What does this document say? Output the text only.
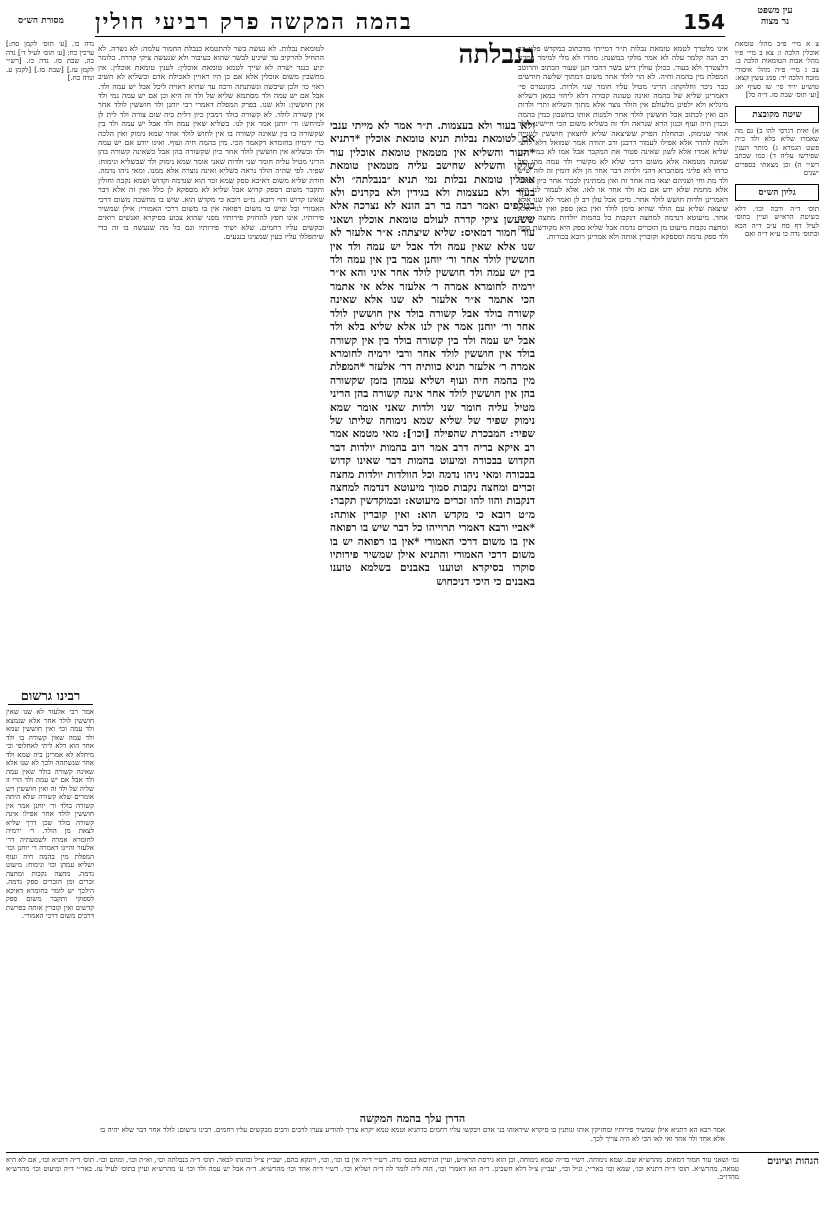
מסורת הש״ס
עין משפט
נר מצוה
154
בהמה המקשה פרק רביעי חולין
צ א מיי׳ פ״ב מהל׳ טומאת אוכלין הלכה ו: צא ב מיי׳ פ״ו מהל׳ אבות הטומאות הלכה ב: צב ג מיי׳ פ״ה מהל׳ איסורי מזבח הלכה יד: סמג עשין קצא: טוש״ע יו״ד סי׳ שו סעיף יא: [וע׳ תוס׳ שבת סז. ד״ה כל]
שיטה מקובצת
א) ואית דגרסי להו ב) גם מה שאמרו שליא בלא ולד כ״ה פשט הגמרא ג) מותר הענין שפירשו עליה ד) כמו שכתב רש״י ה) וכן מצאתי בספרים ישנים
גליון הש״ס
תוס׳ ד״ה ורבה וכו׳. דלא כשיטת הרא״ש ועיין בתוס׳ לעיל דף סח ע״ב ד״ה הכא ובתוס׳ נדה כו ע״א ד״ה ואם
נדה כו. [ע׳ תוס׳ לקמן סח:] ערכין כח: [ע׳ תוס׳ לעיל ד׳] נדה כה. שבת סז. נדה כז. [רש״י לקמן עז.] [שבת סז.] [לקמן ע. ונדה כח.]
רבינו גרשום
אמר רבי אלעזר לא שנו שאין חוששין לולד אחר אלא שנמצא ולד עמה וכו׳ ואין חוששין שמא ולד עמה שאין קשורה בו ולד אחר הוא דלא ליתי לאחלופי וכי מיתלא לא אמרינן ביה שמא ולד אחר שנשתהה ולכך לא שנו אלא שאינה קשורה בולד שאין עמה ולד אבל אם יש עמה ולד הרי זו שליה של ולד זה ואין חוששין ויש אומרים שלא קשורה שלא היתה קשורה בולד ור׳ יוחנן אמר אין חוששין לולד אחר אפילו אינה קשורה בולד שכן דרך שליא לצאת מן הולד. ר׳ ירמיה לחומרא אמרה לשמעתיה דר׳ אלעזר והיינו דאמרה ר׳ יוחנן וכו׳ המפלת מין בהמה חיה ועוף ושליא עמהן וכו׳ ונימוח: מיעוט נדמה. מחצה נקבות ומחצה זכרים ומן הזכרים ספק נדמה. הילכך יש לומר בחומרא דאיכא לספוקי ותקבר משום ספק קדשים ואין קוברין אותה בפרשת דרכים משום דרכי האמורי.
אינו מלטרך לטמא טומאת נבלות ת״ר דמייתי מדכתוב במקדש פלנו בר רב הנה קלמר עלה לא אמר מלקי במשנה: מהרו לא מלי למימר דמדני דלצטרך ולא בעור. בכולן עולין דיש בשר דהכי תנן שעור הכתוב והרוטב המפלת מין בהמה וחיה. לא הוי לולד אחר משום דמתוך שלשה חודשים כבר ניכר וחלוקתו: הריני מטיל עליו חומר שני ולדות. בקונטרס פי׳ דאמרינן שליא של בהמה ואינה טעונה קבורה דלא ליחזי כמאן דשליא מיגליא ולא ילפינן מלעולם אין הולד נוצר אלא מתוך השליא ותרי ולדות הם ואין לכתוב אבל חוששין לולד אחר ולמנות אותו בחשבון כמין בהמה וכמין חיה ועוף וכגון הרא שנראה ולד זה בשליא משום הכי חיישינן לולד אחר שנימוק. ובתחלת הפרק ששיצאה שליא לחצאין חוששין לשנייה ולמה להדר אלא אפילו לעמור דרבנן ורב יהודה אמר שמואל דלא לחצי שליא אמרו אלא לשון שאינה פטור את המקבר אבל אמו לא כמ״ד בת שמונה מטמאה אלא משום דרכי שלא לא מקשרי ולד עמה מהו ועל כרחו לא פליגי מסתברא דהני ולדות דבר אחר הן ולא דומין זה לזה שיש ולד מת וחי ושניהם יצאו בזה אחר זה ואין ממתינין לבכור אחר כיון שאינו אלא מחמת שלא ידע אם בא ולד אחר או לאו. אלא לעמור לנו הוא דאמרינן ולדות חושש לולד אחר. מיכן אכל עלן רב לן ואמר לא שנו אלא שיצאה שליא עם הולד שהיא סימן לולד ואין כאן ספק ואין לנו אלא אחד. מיעוטא דנדמה למחצה דנקבות כל בהמות יולדות מחצה זכרים ומחצה נקבות מיעוט מן הזכרים נדמה אבל שליא ספק היא מקודשת ספק ולד ספק נדמה ומספקא וקוברין אותה ולא אמרינן רובא בכורות.
לטומאת נבלות. לא נעשה בשר להתטמא כנבלת החמור עלמה: לא נשרה. לא התחיל להרקיב עד שיגיע לבשר שהוא כעיבור ולא שנעשה ציקי קדרה. כלומר יגיע כנגד ישרה לא שייך לטמא טומאת אוכלין: לענין טומאת אוכלין. אין מחשבין משום אוכלין אלא אם כן היו ראויין לאכילת אדם ובשליא לא חשיב ראוי כו׳ ולכן שיבשה ונשתנתה ורכה עד שהיא ראויה ליכל אבל יש עמה ולד. אבל אם יש עמה ולד מסתמא שליא של ולד זה היא וכן אם יש עמה נמי ולד אין חוששין: ולא שנו. בפרק המפלת דאמרי רבי יוחנן ולד חוששין לולד אחר אין קשורה לולד. לא קשורה בולד דמבין כיון דלית ביה שום צורה ולד לית לן למיחש: ור׳ יוחנן אמר אין לנו. בשליא שאין עמה ולד אבל יש עמה ולד בין שקשורה בו בין שאינה קשורה בו אין לחוש לולד אחר שמא נימוק ואין הלכה כר׳ ירמיה בחומרא דקאמר הכי. מין בהמה חיה ועוף. ואינו יודע אם יש עמה ולד ובשליא אין חוששין לולד אחר כיון שקשורה בהן אבל כשאינה קשורה בהן הריני מטיל עליה חומר שני ולדות שאני אומר שמא נימוק ולד שבשליא ונימוח: שפיר. לפי שהיה הולד נראה כשליא ואינה נוצרה אלא ממנו. ומאי ניהו נדמה. חורת שליא משום דאיכא ספק שמא זכר הוא שנדמה וקדוש ושמא נקבה וחולין ותקבר משום דספק קדוש אבל שליא לא מספקא לן כלל ואין זה אלא דבר שאינו קדוש והוי רובא. מ״ט רובא כי מקדש הוא. שיש בו מחשבה משום דרכי האמורי וכל שיש בו משום רפואה אין בו משום דרכי האמורי: אילן שמשיר פירותיו. אינו חפץ להחזיק פירותיו מפני שהוא צבוע בסיקרא ואנשים רואים ובקשים עליו רחמים. שלא ישיר פירותיו וגם כל מה שנעשה בו זה כדי שיתפללו עליו כעין שמצינו בנגעים.
בנבלתה
ולא בעור ולא בעצמות. ת״ר אמר לא מייתי ענבי אם לטומאת נבלות תניא טומאת אוכלין *דתניא *העור והשליא אין מטמאין טומאת אוכלין עור שלקו והשליא שחישב עליה מטמאין טומאת אוכלין טומאת נבלות נמי תניא ״בנבלתה״ ולא בעור ולא בעצמות ולא בגידין ולא בקרנים ולא בטלפים ואמר רבה בר רב הונא לא נצרכה אלא ששעשן ציקי קדרה לעולם טומאת אוכלין ושאני עור חמור דמאיס: שליא שיצתה: א״ר אלעזר לא שנו אלא שאין עמה ולד אבל יש עמה ולד אין חוששין לולד אחר ור׳ יוחנן אמר בין אין עמה ולד בין יש עמה ולד חוששין לולד אחר איני והא א״ר ירמיה לחומרא אמרה ר׳ אלעזר אלא אי אתמר הכי אתמר א״ר אלעזר לא שנו אלא שאינה קשורה בולד אבל קשורה בולד אין חוששין לולד אחר ור׳ יוחנן אמר אין לנו אלא שליא בלא ולד אבל יש עמה ולד בין קשורה בולד בין אין קשורה בולד אין חוששין לולד אחר ורבי ירמיה לחומרא אמרה ר׳ אלעזר תניא כוותיה דר׳ אלעזר *המפלת מין בהמה חיה ועוף ושליא עמהן בזמן שקשורה בהן אין חוששין לולד אחר אינה קשורה בהן הריני מטיל עליה חומר שני ולדות שאני אומר שמא נימוק שפיר של שליא שמא נימוחה שליתו של שפיר: המבכרת שהפילה [וכו׳]: מאי מטמא אמר רב איקא בריה דרב אמר רוב בהמות יולדות דבר הקדוש בבכורה ומיעוט בהמות דבר שאינו קדוש בבכורה ומאי ניהו נדמה וכל הוולדות יולדות מחצה זכרים ומחצה נקבות סמוך מיעוטא דנדמה למחצה דנקבות והוו להו זכרים מיעוטא: ובמוקדשין תקבר: מ״ט רובא כי מקדש הוא: ואין קוברין אותה: *אביי ורבא דאמרי תרוייהו כל דבר שיש בו רפואה אין בו משום דרכי האמורי *אין בו רפואה יש בו משום דרכי האמורי והתניא אילן שמשיר פירותיו סוקרו בסיקרא וטוענו באבנים בשלמא טוענו באבנים כי היכי דניכחוש
הדרן עלך בהמה המקשה
אמר רבא הא דתניא אילן שמשיר פירותיו ומחזיקין אותו ונותנין בו סיקרא שיראוהו בני אדם ויבקשו עליו רחמים כדתניא וטמא טמא יקרא צריך להודיע צערו לרבים ורבים מבקשים עליו רחמים. רבינו גרשום: לולד אחר דבר שלא יהיה בו אלא אחד ולד אחד ואי לאו הכי לא היה צריך לכך.
הגהות וציונים
גמ׳ ושאני עור חמור דמאיס. מהרש״א שם. שמא נימוחה. רש״י בד״ה שמא נימוחה, וכן הוא גירסת הרא״ש, ועיין הגירסא במס׳ נדה. רש״י ד״ה אין בו וכו׳, וכו׳, ויונקא בהם, יעב״ץ צ״ל וכוונתו לבאר. תוס׳ ד״ה בנבלתה וכו׳, וא״ת וכו׳, ומהם וכו׳. תוס׳ ד״ה דתניא וכו׳, אם לא היא טמאה, מהרש״א. תוס׳ ד״ה דתניא וכו׳, שמא וכו׳ באר״י, ונ״ל וכו׳, יעב״ץ צ״ל דלא חשבינן. ד״ה הא דאמרי וכו׳, הוה ליה לומר לה ד״ה ושליא וכו׳. רש״י ד״ה אחד וכו׳ מהרש״א. ד״ה אבל יש עמה ולד וכו׳ ע׳ מהרש״א ועיין בתוס׳ לעיל עז. באר״י ד״ה ומיעוט וכו׳ מהרש״א מהדו״ב.
